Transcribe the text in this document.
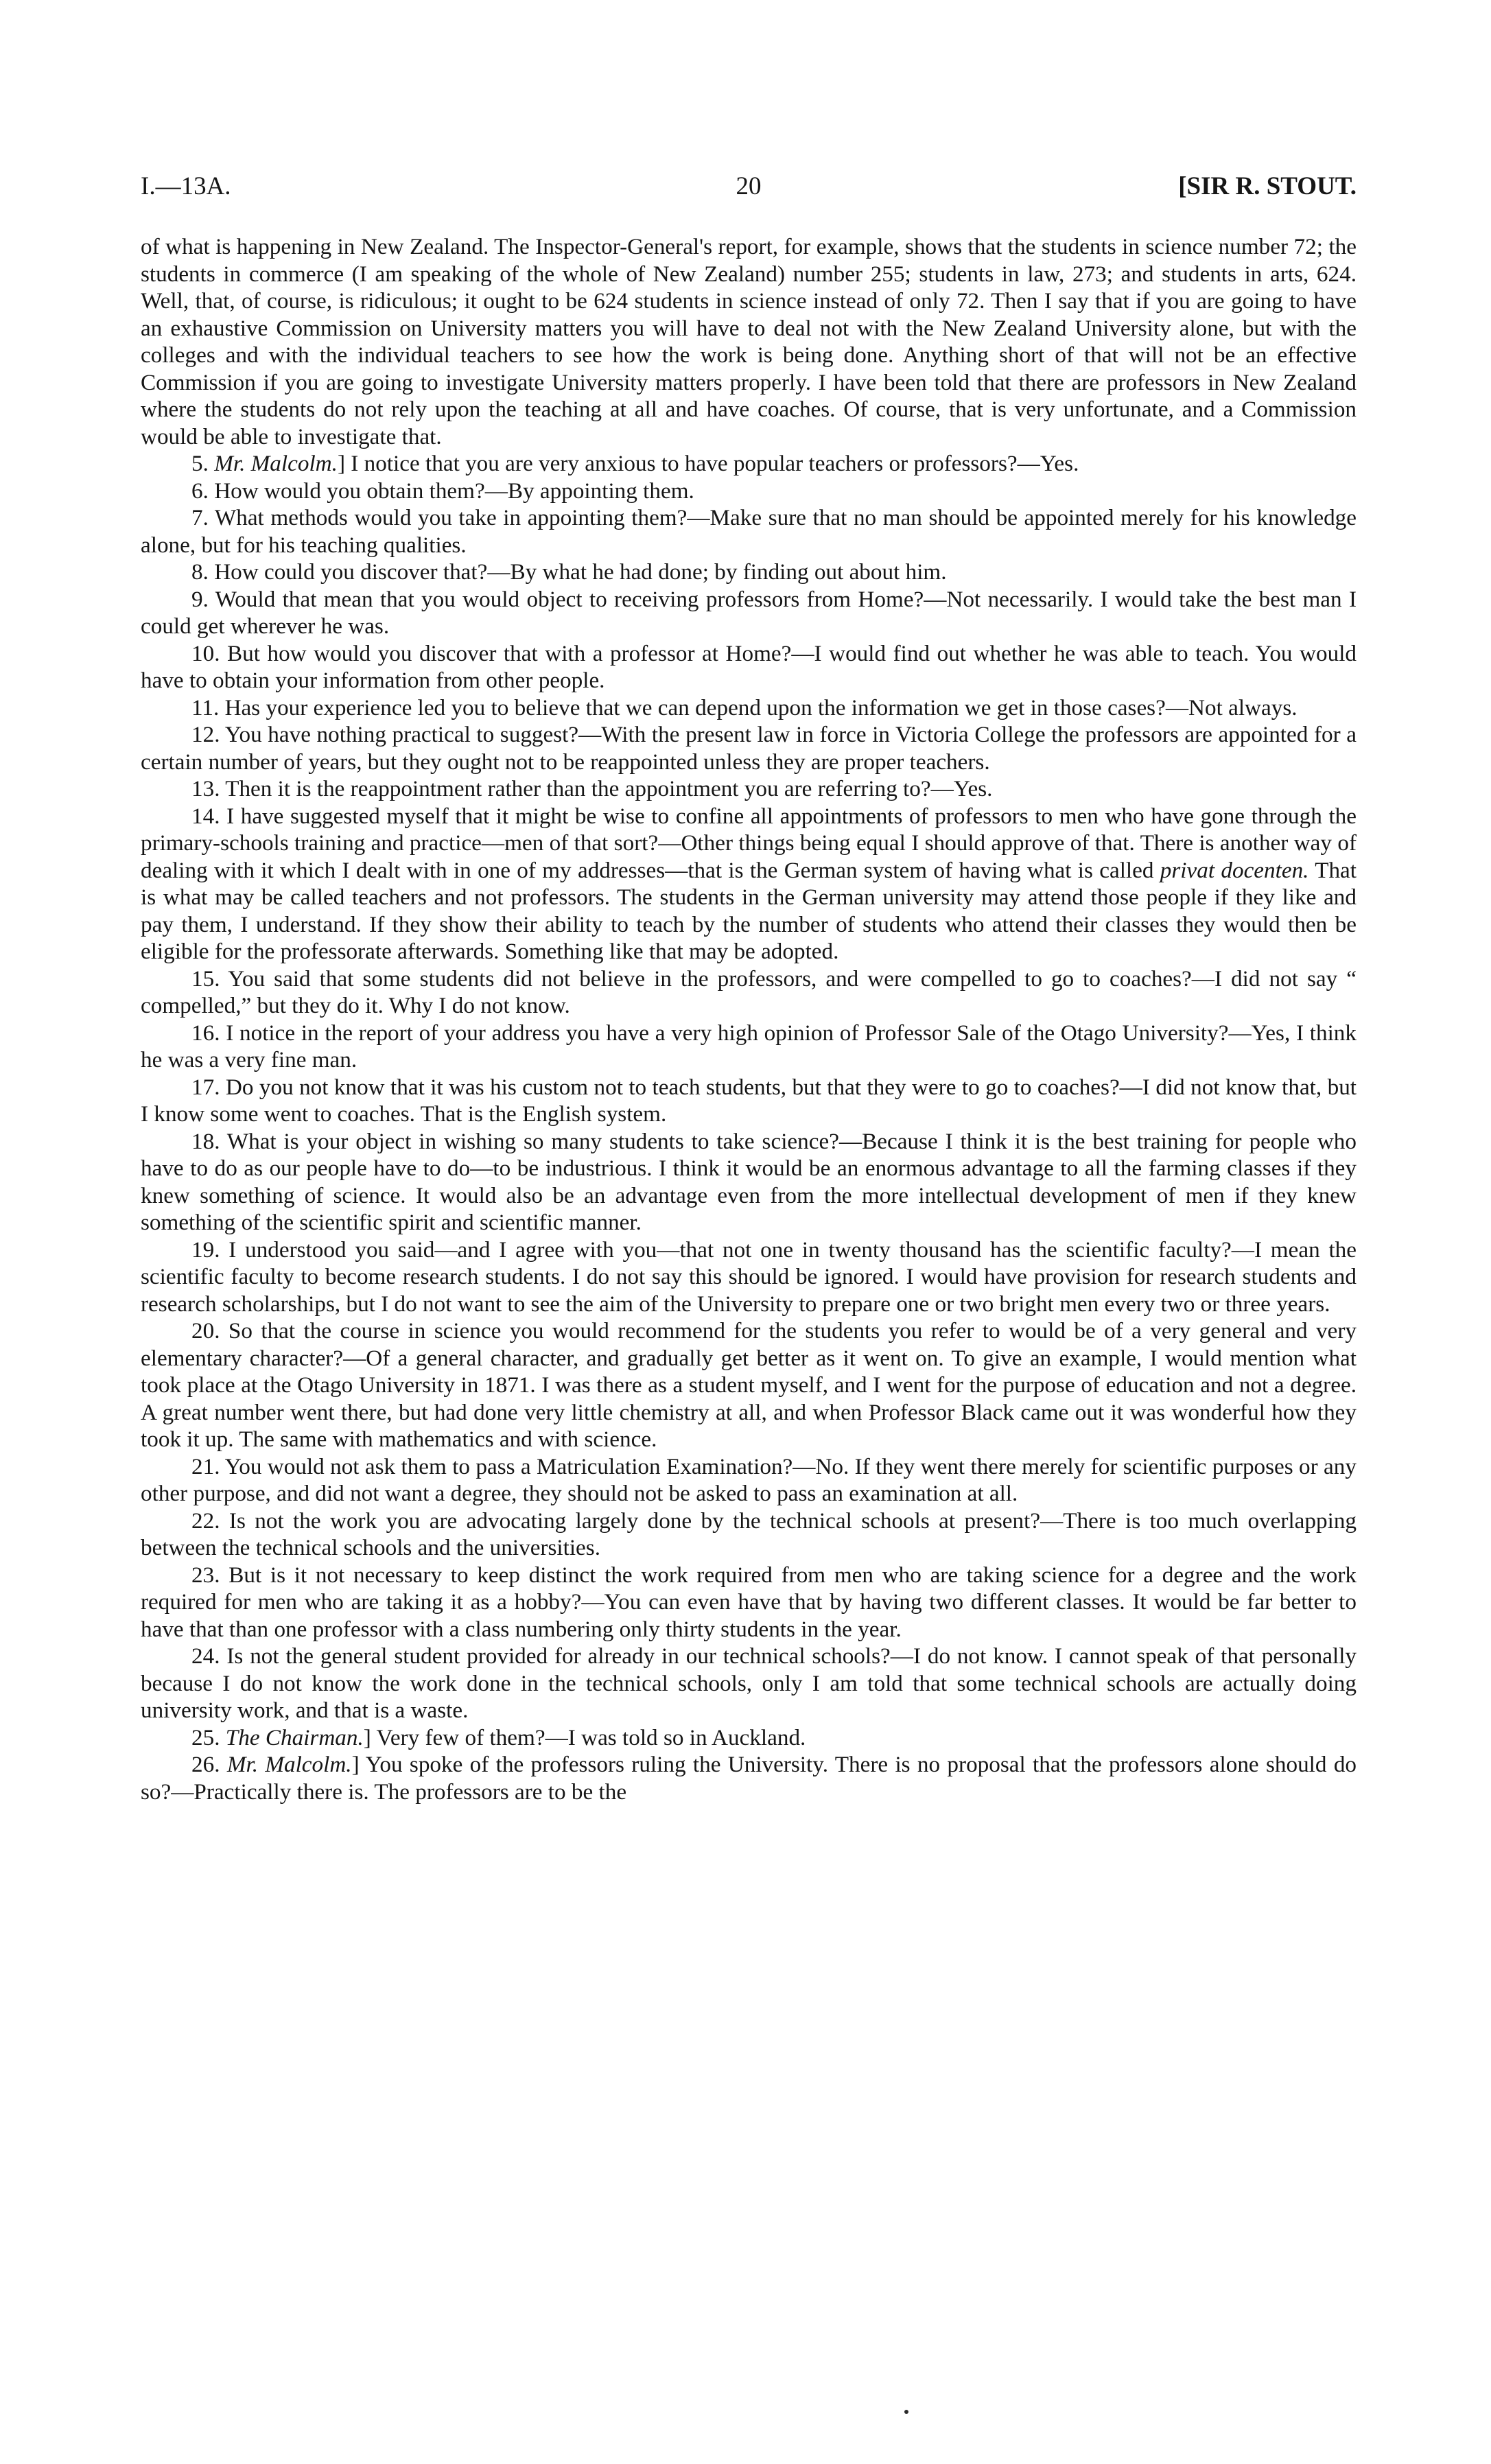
I.—13A.	20	[SIR R. STOUT.

of what is happening in New Zealand. The Inspector-General's report, for example, shows that the students in science number 72; the students in commerce (I am speaking of the whole of New Zealand) number 255; students in law, 273; and students in arts, 624. Well, that, of course, is ridiculous; it ought to be 624 students in science instead of only 72. Then I say that if you are going to have an exhaustive Commission on University matters you will have to deal not with the New Zealand University alone, but with the colleges and with the individual teachers to see how the work is being done. Anything short of that will not be an effective Commission if you are going to investigate University matters properly. I have been told that there are professors in New Zealand where the students do not rely upon the teaching at all and have coaches. Of course, that is very unfortunate, and a Commission would be able to investigate that.

5. Mr. Malcolm.] I notice that you are very anxious to have popular teachers or professors?—Yes.

6. How would you obtain them?—By appointing them.

7. What methods would you take in appointing them?—Make sure that no man should be appointed merely for his knowledge alone, but for his teaching qualities.

8. How could you discover that?—By what he had done; by finding out about him.

9. Would that mean that you would object to receiving professors from Home?—Not necessarily. I would take the best man I could get wherever he was.

10. But how would you discover that with a professor at Home?—I would find out whether he was able to teach. You would have to obtain your information from other people.

11. Has your experience led you to believe that we can depend upon the information we get in those cases?—Not always.

12. You have nothing practical to suggest?—With the present law in force in Victoria College the professors are appointed for a certain number of years, but they ought not to be reappointed unless they are proper teachers.

13. Then it is the reappointment rather than the appointment you are referring to?—Yes.

14. I have suggested myself that it might be wise to confine all appointments of professors to men who have gone through the primary-schools training and practice—men of that sort?—Other things being equal I should approve of that. There is another way of dealing with it which I dealt with in one of my addresses—that is the German system of having what is called privat docenten. That is what may be called teachers and not professors. The students in the German university may attend those people if they like and pay them, I understand. If they show their ability to teach by the number of students who attend their classes they would then be eligible for the professorate afterwards. Something like that may be adopted.

15. You said that some students did not believe in the professors, and were compelled to go to coaches?—I did not say “ compelled,” but they do it. Why I do not know.

16. I notice in the report of your address you have a very high opinion of Professor Sale of the Otago University?—Yes, I think he was a very fine man.

17. Do you not know that it was his custom not to teach students, but that they were to go to coaches?—I did not know that, but I know some went to coaches. That is the English system.

18. What is your object in wishing so many students to take science?—Because I think it is the best training for people who have to do as our people have to do—to be industrious. I think it would be an enormous advantage to all the farming classes if they knew something of science. It would also be an advantage even from the more intellectual development of men if they knew something of the scientific spirit and scientific manner.

19. I understood you said—and I agree with you—that not one in twenty thousand has the scientific faculty?—I mean the scientific faculty to become research students. I do not say this should be ignored. I would have provision for research students and research scholarships, but I do not want to see the aim of the University to prepare one or two bright men every two or three years.

20. So that the course in science you would recommend for the students you refer to would be of a very general and very elementary character?—Of a general character, and gradually get better as it went on. To give an example, I would mention what took place at the Otago University in 1871. I was there as a student myself, and I went for the purpose of education and not a degree. A great number went there, but had done very little chemistry at all, and when Professor Black came out it was wonderful how they took it up. The same with mathematics and with science.

21. You would not ask them to pass a Matriculation Examination?—No. If they went there merely for scientific purposes or any other purpose, and did not want a degree, they should not be asked to pass an examination at all.

22. Is not the work you are advocating largely done by the technical schools at present?—There is too much overlapping between the technical schools and the universities.

23. But is it not necessary to keep distinct the work required from men who are taking science for a degree and the work required for men who are taking it as a hobby?—You can even have that by having two different classes. It would be far better to have that than one professor with a class numbering only thirty students in the year.

24. Is not the general student provided for already in our technical schools?—I do not know. I cannot speak of that personally because I do not know the work done in the technical schools, only I am told that some technical schools are actually doing university work, and that is a waste.

25. The Chairman.] Very few of them?—I was told so in Auckland.

26. Mr. Malcolm.] You spoke of the professors ruling the University. There is no proposal that the professors alone should do so?—Practically there is. The professors are to be the
